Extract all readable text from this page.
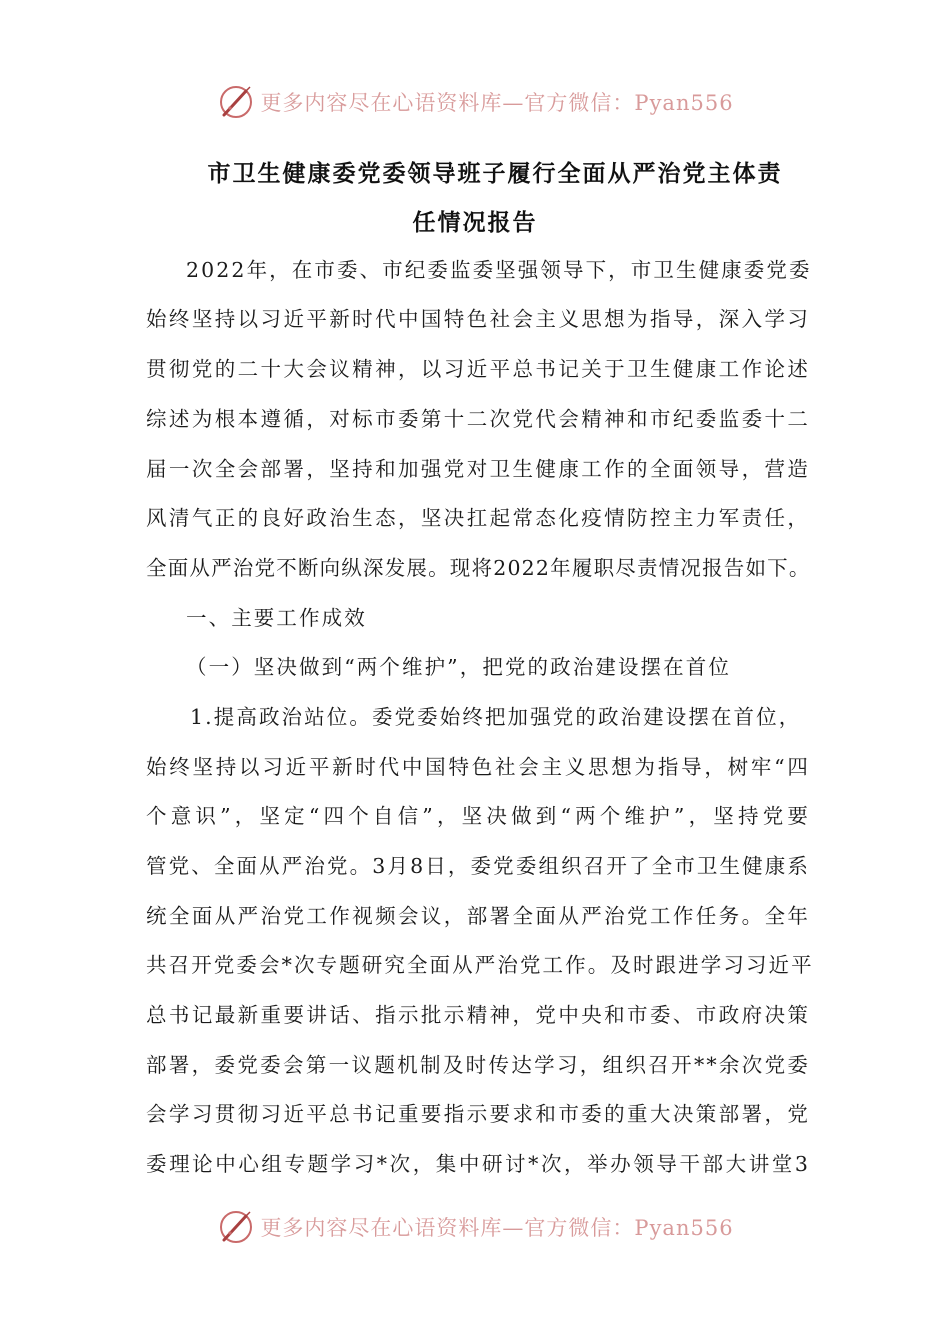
更多内容尽在心语资料库—官方微信：Pyan556
市卫生健康委党委领导班子履行全面从严治党主体责
任情况报告
2022年，在市委、市纪委监委坚强领导下，市卫生健康委党委
始终坚持以习近平新时代中国特色社会主义思想为指导，深入学习
贯彻党的二十大会议精神，以习近平总书记关于卫生健康工作论述
综述为根本遵循，对标市委第十二次党代会精神和市纪委监委十二
届一次全会部署，坚持和加强党对卫生健康工作的全面领导，营造
风清气正的良好政治生态，坚决扛起常态化疫情防控主力军责任，
全面从严治党不断向纵深发展。现将2022年履职尽责情况报告如下。
一、主要工作成效
（一）坚决做到“两个维护”，把党的政治建设摆在首位
1.提高政治站位。委党委始终把加强党的政治建设摆在首位，
始终坚持以习近平新时代中国特色社会主义思想为指导，树牢“四
个意识”，坚定“四个自信”，坚决做到“两个维护”，坚持党要
管党、全面从严治党。3月8日，委党委组织召开了全市卫生健康系
统全面从严治党工作视频会议，部署全面从严治党工作任务。全年
共召开党委会*次专题研究全面从严治党工作。及时跟进学习习近平
总书记最新重要讲话、指示批示精神，党中央和市委、市政府决策
部署，委党委会第一议题机制及时传达学习，组织召开**余次党委
会学习贯彻习近平总书记重要指示要求和市委的重大决策部署，党
委理论中心组专题学习*次，集中研讨*次，举办领导干部大讲堂3
更多内容尽在心语资料库—官方微信：Pyan556
